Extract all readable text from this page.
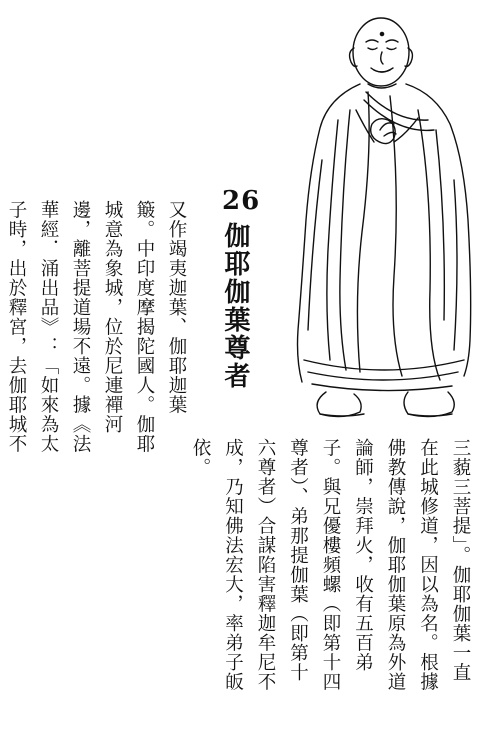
26
伽耶伽葉尊者
又作竭夷迦葉、伽耶迦葉
簸。中印度摩揭陀國人。伽耶
城意為象城，位於尼連禪河
邊，離菩提道場不遠。據《法
華經．涌出品》：「如來為太
子時，出於釋宮，去伽耶城不
三藐三菩提」。伽耶伽葉一直
在此城修道，因以為名。根據
佛教傳說，伽耶伽葉原為外道
論師，崇拜火，收有五百弟
子。與兄優樓頻螺（即第十四
尊者）、弟那提伽葉（即第十
六尊者）合謀陷害釋迦牟尼不
成，乃知佛法宏大，率弟子皈
依。
